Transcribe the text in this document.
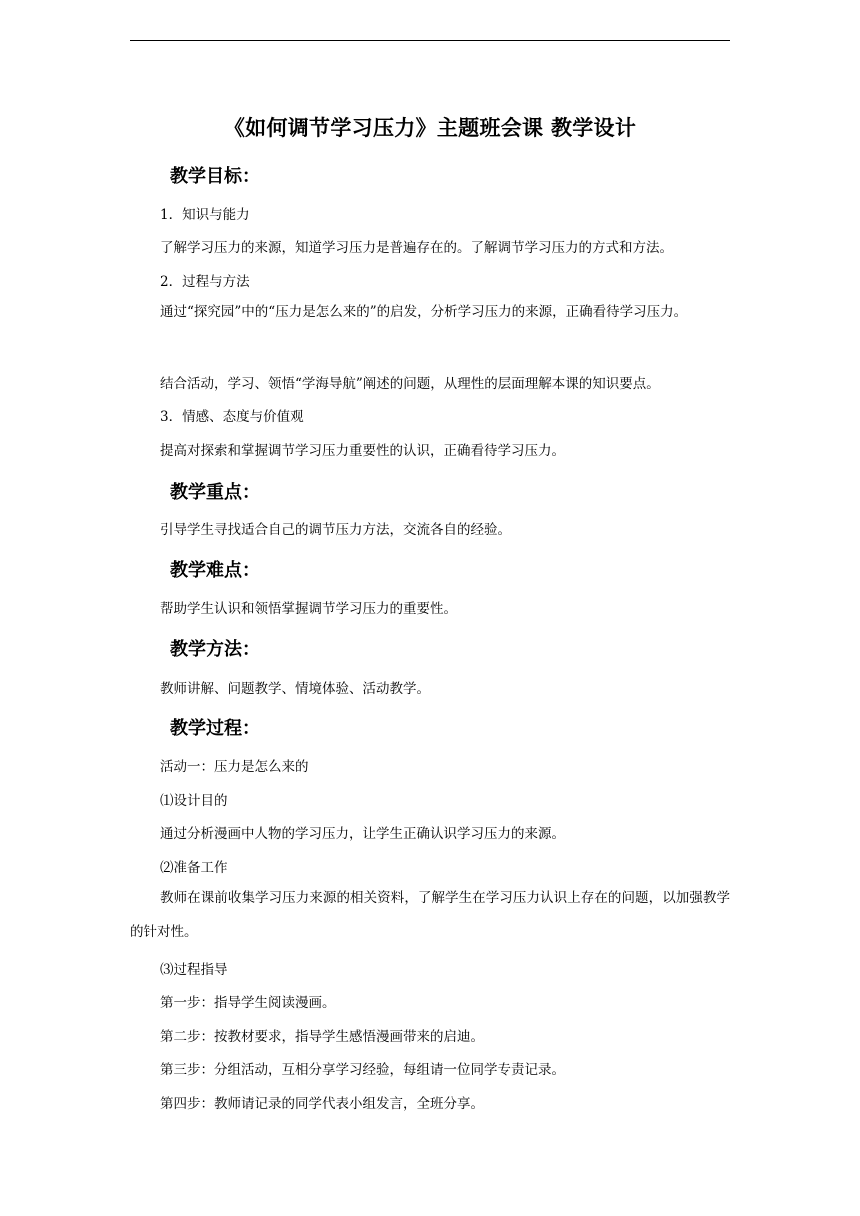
《如何调节学习压力》主题班会课 教学设计
教学目标：
1．知识与能力
了解学习压力的来源，知道学习压力是普遍存在的。了解调节学习压力的方式和方法。
2．过程与方法
通过“探究园”中的“压力是怎么来的”的启发，分析学习压力的来源，正确看待学习压力。
结合活动，学习、领悟“学海导航”阐述的问题，从理性的层面理解本课的知识要点。
3．情感、态度与价值观
提高对探索和掌握调节学习压力重要性的认识，正确看待学习压力。
教学重点：
引导学生寻找适合自己的调节压力方法，交流各自的经验。
教学难点：
帮助学生认识和领悟掌握调节学习压力的重要性。
教学方法：
教师讲解、问题教学、情境体验、活动教学。
教学过程：
活动一：压力是怎么来的
⑴设计目的
通过分析漫画中人物的学习压力，让学生正确认识学习压力的来源。
⑵准备工作
教师在课前收集学习压力来源的相关资料，了解学生在学习压力认识上存在的问题，以加强教学的针对性。
⑶过程指导
第一步：指导学生阅读漫画。
第二步：按教材要求，指导学生感悟漫画带来的启迪。
第三步：分组活动，互相分享学习经验，每组请一位同学专责记录。
第四步：教师请记录的同学代表小组发言，全班分享。
